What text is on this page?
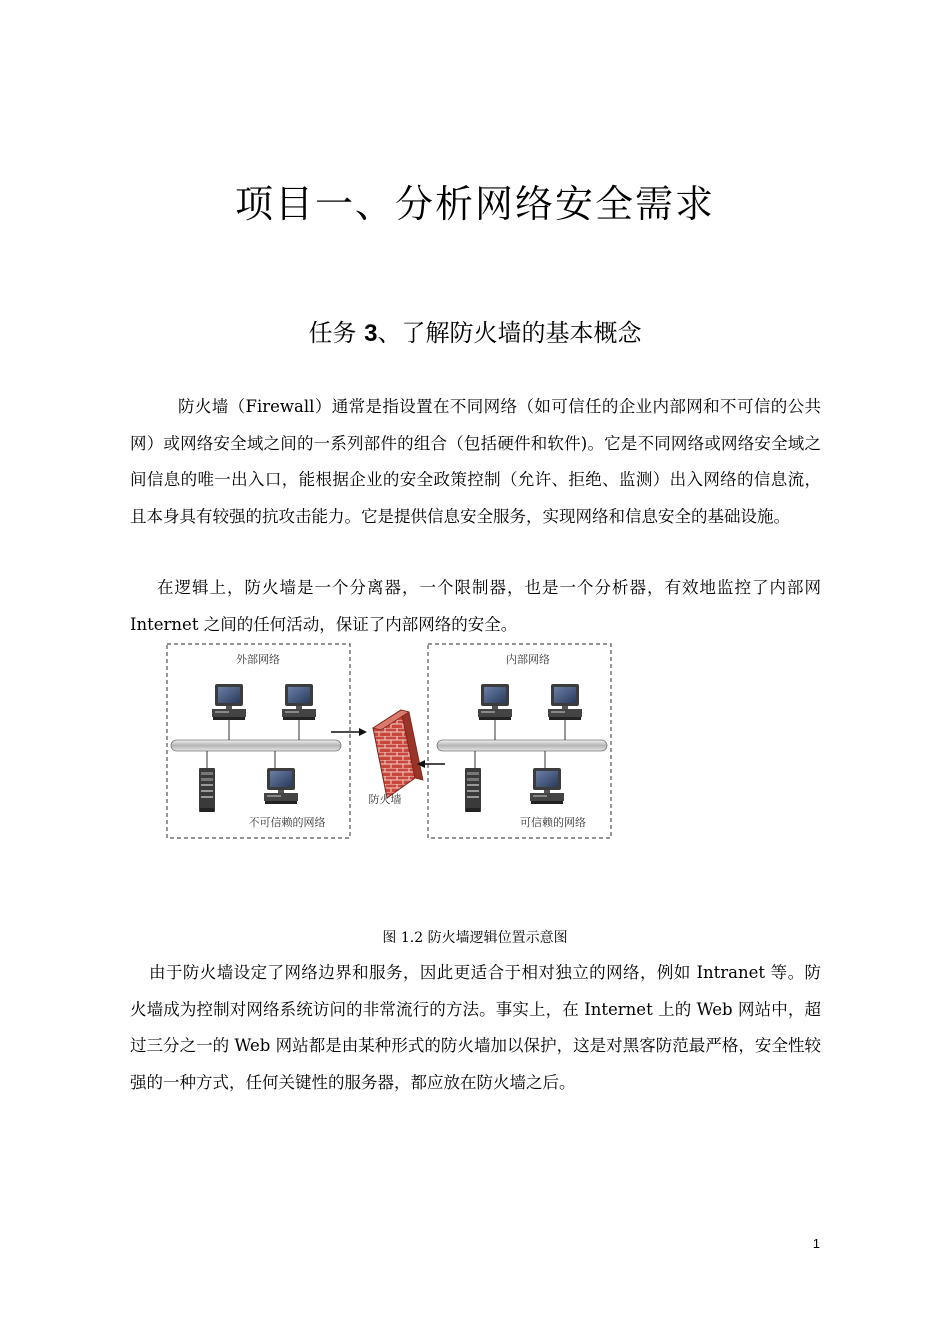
项目一、分析网络安全需求
任务 3、了解防火墙的基本概念

防火墙（Firewall）通常是指设置在不同网络（如可信任的企业内部网和不可信的公共网）或网络安全域之间的一系列部件的组合（包括硬件和软件)。它是不同网络或网络安全域之间信息的唯一出入口，能根据企业的安全政策控制（允许、拒绝、监测）出入网络的信息流，且本身具有较强的抗攻击能力。它是提供信息安全服务，实现网络和信息安全的基础设施。

在逻辑上，防火墙是一个分离器，一个限制器，也是一个分析器，有效地监控了内部网 Internet 之间的任何活动，保证了内部网络的安全。

外部网络	内部网络
不可信赖的网络	可信赖的网络
防火墙
图 1.2 防火墙逻辑位置示意图

由于防火墙设定了网络边界和服务，因此更适合于相对独立的网络，例如 Intranet 等。防火墙成为控制对网络系统访问的非常流行的方法。事实上，在 Internet 上的 Web 网站中，超过三分之一的 Web 网站都是由某种形式的防火墙加以保护，这是对黑客防范最严格，安全性较强的一种方式，任何关键性的服务器，都应放在防火墙之后。

1
